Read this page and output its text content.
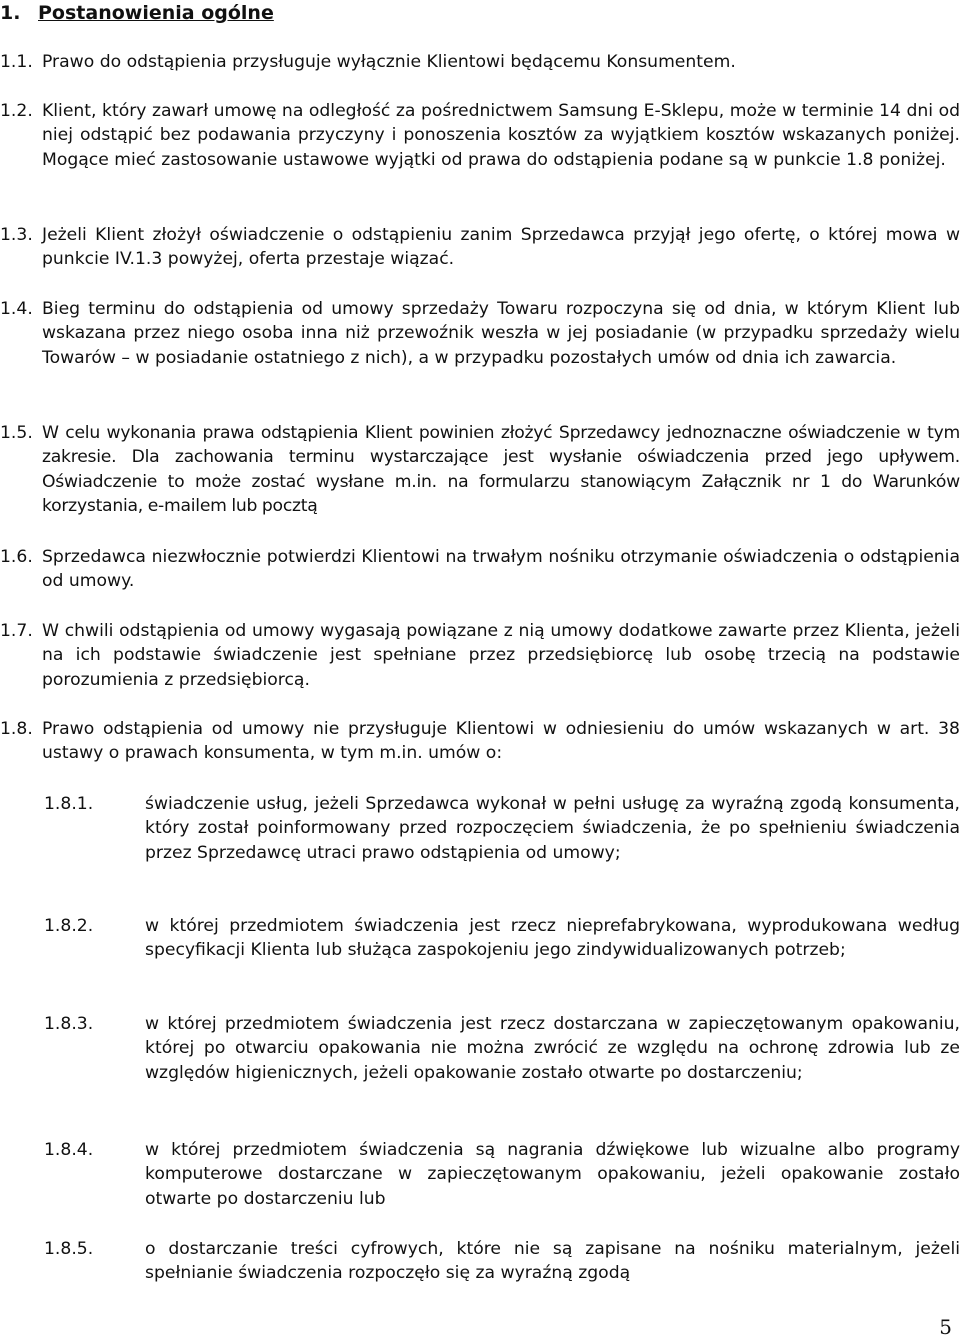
1. Postanowienia ogólne
1.1. Prawo do odstąpienia przysługuje wyłącznie Klientowi będącemu Konsumentem.
1.2. Klient, który zawarł umowę na odległość za pośrednictwem Samsung E-Sklepu, może w terminie 14 dni od niej odstąpić bez podawania przyczyny i ponoszenia kosztów za wyjątkiem kosztów wskazanych poniżej. Mogące mieć zastosowanie ustawowe wyjątki od prawa do odstąpienia podane są w punkcie 1.8 poniżej.
1.3. Jeżeli Klient złożył oświadczenie o odstąpieniu zanim Sprzedawca przyjął jego ofertę, o której mowa w punkcie IV.1.3 powyżej, oferta przestaje wiązać.
1.4. Bieg terminu do odstąpienia od umowy sprzedaży Towaru rozpoczyna się od dnia, w którym Klient lub wskazana przez niego osoba inna niż przewoźnik weszła w jej posiadanie (w przypadku sprzedaży wielu Towarów – w posiadanie ostatniego z nich), a w przypadku pozostałych umów od dnia ich zawarcia.
1.5. W celu wykonania prawa odstąpienia Klient powinien złożyć Sprzedawcy jednoznaczne oświadczenie w tym zakresie. Dla zachowania terminu wystarczające jest wysłanie oświadczenia przed jego upływem. Oświadczenie to może zostać wysłane m.in. na formularzu stanowiącym Załącznik nr 1 do Warunków korzystania, e-mailem lub pocztą
1.6. Sprzedawca niezwłocznie potwierdzi Klientowi na trwałym nośniku otrzymanie oświadczenia o odstąpienia od umowy.
1.7. W chwili odstąpienia od umowy wygasają powiązane z nią umowy dodatkowe zawarte przez Klienta, jeżeli na ich podstawie świadczenie jest spełniane przez przedsiębiorcę lub osobę trzecią na podstawie porozumienia z przedsiębiorcą.
1.8. Prawo odstąpienia od umowy nie przysługuje Klientowi w odniesieniu do umów wskazanych w art. 38 ustawy o prawach konsumenta, w tym m.in. umów o:
1.8.1.	świadczenie usług, jeżeli Sprzedawca wykonał w pełni usługę za wyraźną zgodą konsumenta, który został poinformowany przed rozpoczęciem świadczenia, że po spełnieniu świadczenia przez Sprzedawcę utraci prawo odstąpienia od umowy;
1.8.2.	w której przedmiotem świadczenia jest rzecz nieprefabrykowana, wyprodukowana według specyfikacji Klienta lub służąca zaspokojeniu jego zindywidualizowanych potrzeb;
1.8.3.	w której przedmiotem świadczenia jest rzecz dostarczana w zapieczętowanym opakowaniu, której po otwarciu opakowania nie można zwrócić ze względu na ochronę zdrowia lub ze względów higienicznych, jeżeli opakowanie zostało otwarte po dostarczeniu;
1.8.4.	w której przedmiotem świadczenia są nagrania dźwiękowe lub wizualne albo programy komputerowe dostarczane w zapieczętowanym opakowaniu, jeżeli opakowanie zostało otwarte po dostarczeniu lub
1.8.5.	o dostarczanie treści cyfrowych, które nie są zapisane na nośniku materialnym, jeżeli spełnianie świadczenia rozpoczęło się za wyraźną zgodą
5
